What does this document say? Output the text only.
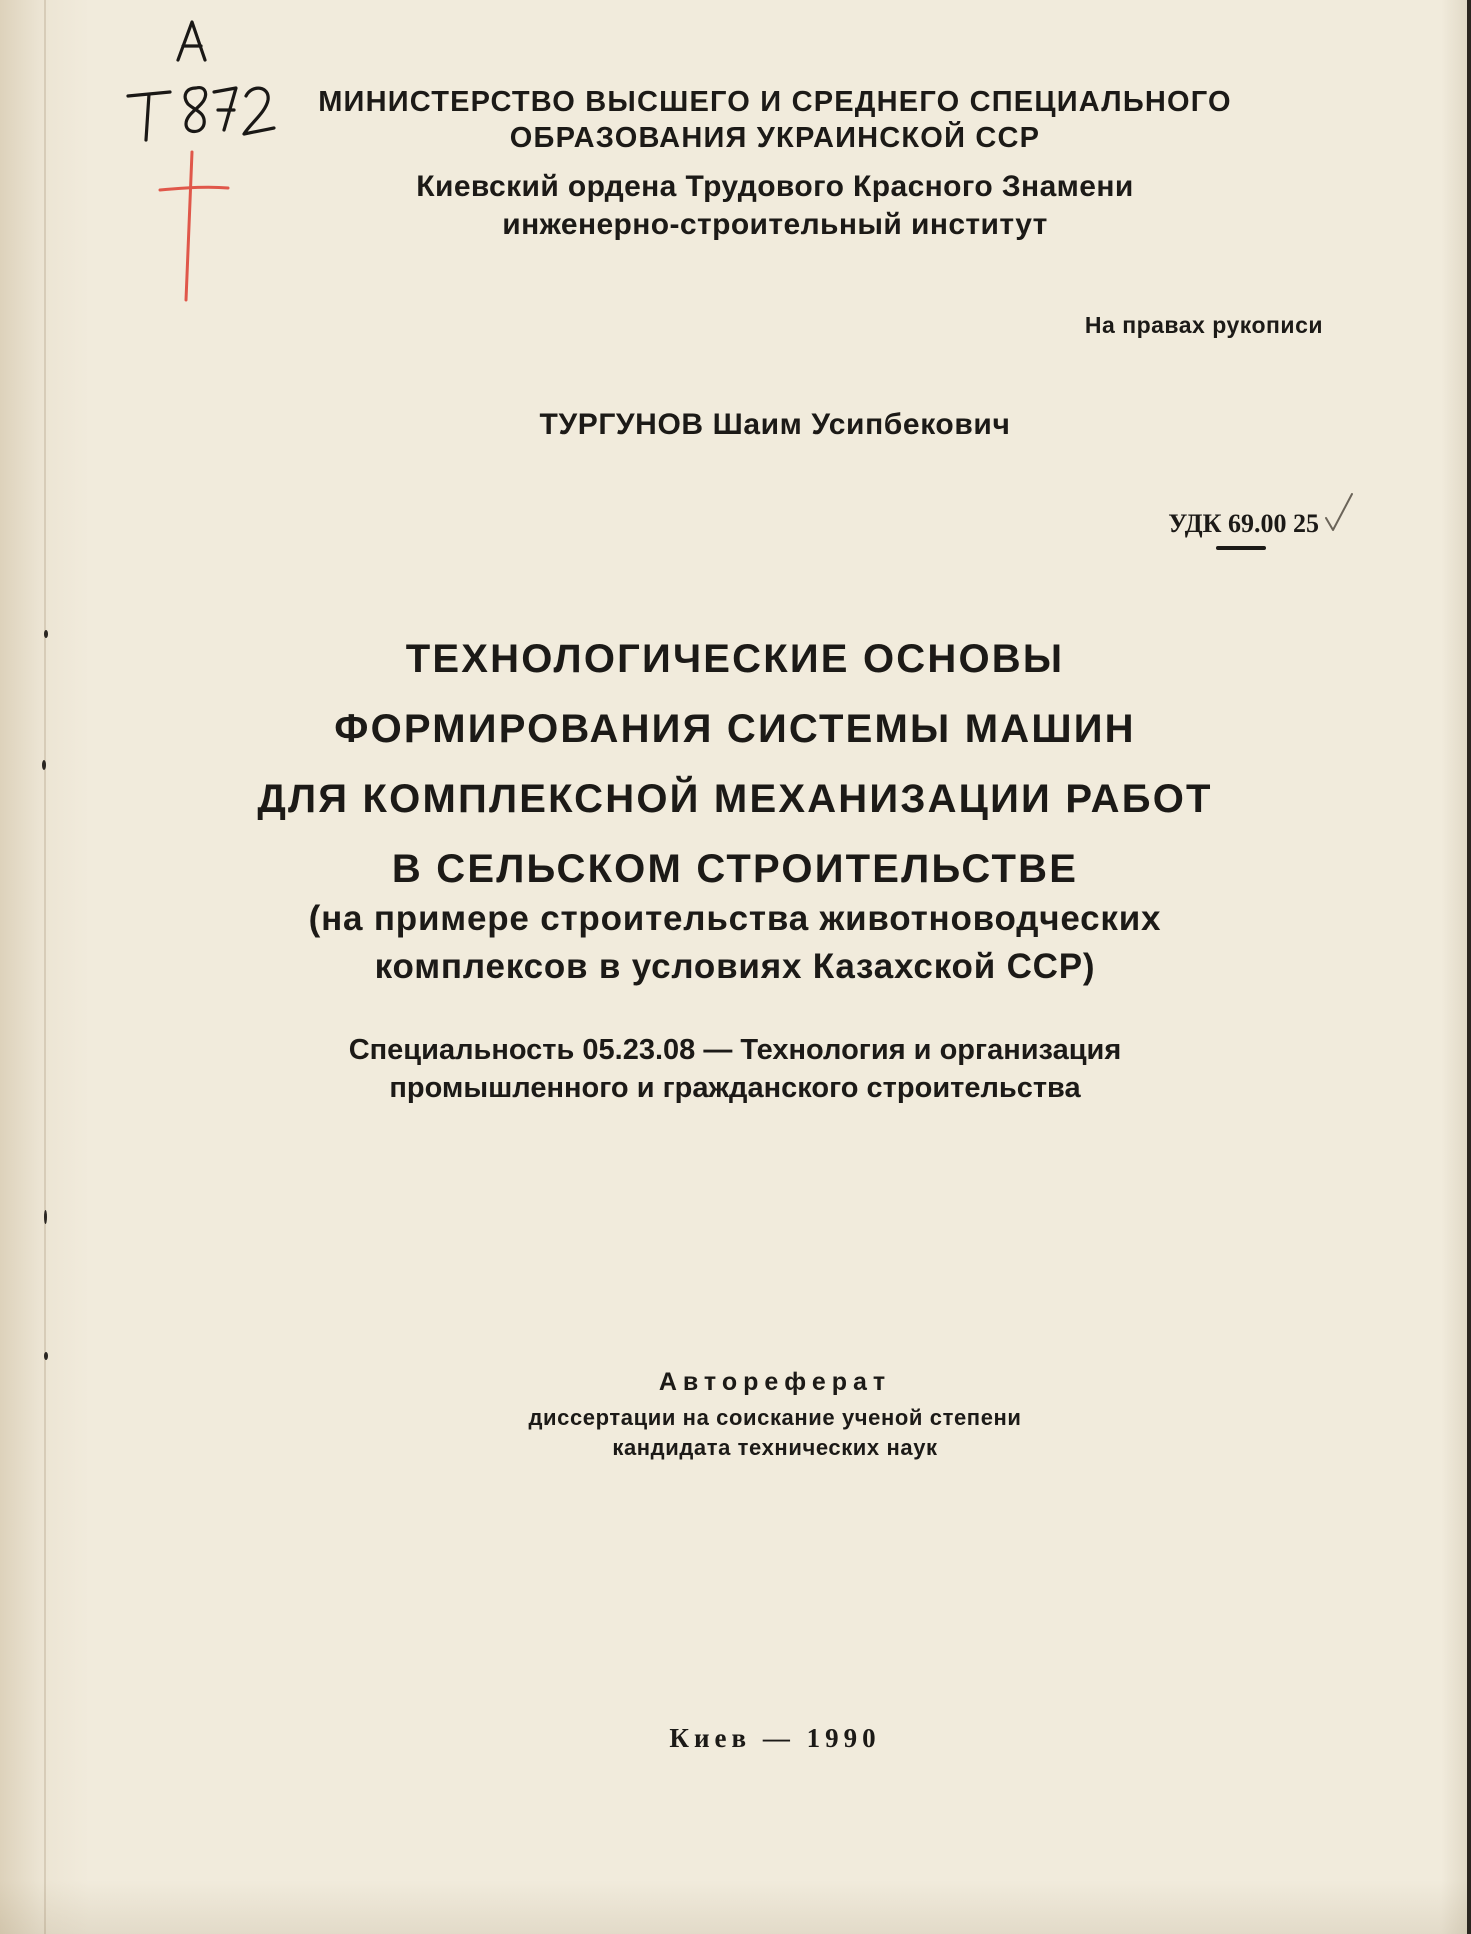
МИНИСТЕРСТВО ВЫСШЕГО И СРЕДНЕГО СПЕЦИАЛЬНОГО
ОБРАЗОВАНИЯ УКРАИНСКОЙ ССР
Киевский ордена Трудового Красного Знамени
инженерно-строительный институт
На правах рукописи
ТУРГУНОВ Шаим Усипбекович
УДК 69.00 25
ТЕХНОЛОГИЧЕСКИЕ ОСНОВЫ
ФОРМИРОВАНИЯ СИСТЕМЫ МАШИН
ДЛЯ КОМПЛЕКСНОЙ МЕХАНИЗАЦИИ РАБОТ
В СЕЛЬСКОМ СТРОИТЕЛЬСТВЕ
(на примере строительства животноводческих
комплексов в условиях Казахской ССР)
Специальность 05.23.08 — Технология и организация
промышленного и гражданского строительства
Автореферат
диссертации на соискание ученой степени
кандидата технических наук
Киев — 1990
